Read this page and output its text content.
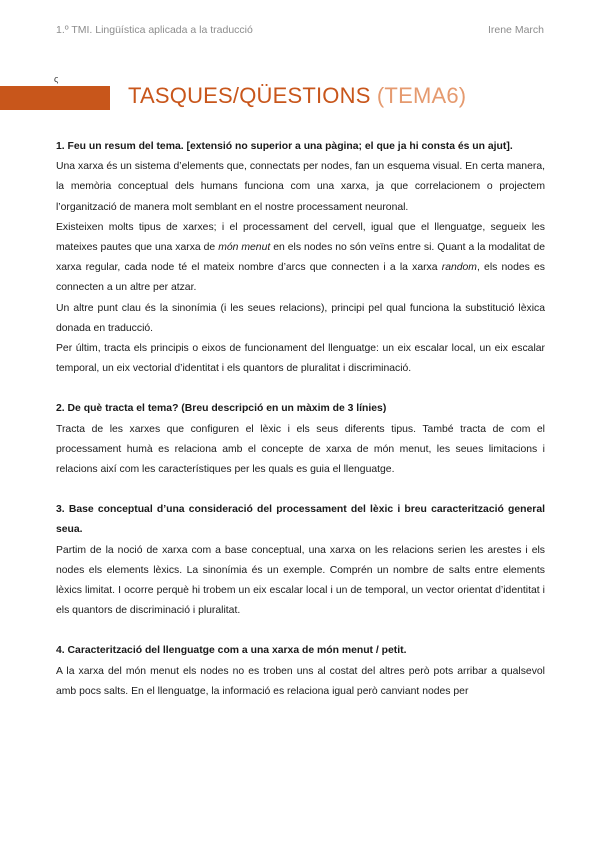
1.º TMI. Lingüística aplicada a la traducció	Irene March
ς
TASQUES/QÜESTIONS (TEMA6)
1. Feu un resum del tema. [extensió no superior a una pàgina; el que ja hi consta és un ajut].

Una xarxa és un sistema d’elements que, connectats per nodes, fan un esquema visual. En certa manera, la memòria conceptual dels humans funciona com una xarxa, ja que correlacionem o projectem l’organització de manera molt semblant en el nostre processament neuronal.

Existeixen molts tipus de xarxes; i el processament del cervell, igual que el llenguatge, segueix les mateixes pautes que una xarxa de món menut en els nodes no són veïns entre si. Quant a la modalitat de xarxa regular, cada node té el mateix nombre d’arcs que connecten i a la xarxa random, els nodes es connecten a un altre per atzar.

Un altre punt clau és la sinonímia (i les seues relacions), principi pel qual funciona la substitució lèxica donada en traducció.

Per últim, tracta els principis o eixos de funcionament del llenguatge: un eix escalar local, un eix escalar temporal, un eix vectorial d’identitat i els quantors de pluralitat i discriminació.

2. De què tracta el tema? (Breu descripció en un màxim de 3 línies)

Tracta de les xarxes que configuren el lèxic i els seus diferents tipus. També tracta de com el processament humà es relaciona amb el concepte de xarxa de món menut, les seues limitacions i relacions així com les característiques per les quals es guia el llenguatge.

3. Base conceptual d’una consideració del processament del lèxic i breu caracterització general seua.

Partim de la noció de xarxa com a base conceptual, una xarxa on les relacions serien les arestes i els nodes els elements lèxics. La sinonímia és un exemple. Comprén un nombre de salts entre elements lèxics limitat. I ocorre perquè hi trobem un eix escalar local i un de temporal, un vector orientat d’identitat i els quantors de discriminació i pluralitat.

4. Caracterització del llenguatge com a una xarxa de món menut / petit.

A la xarxa del món menut els nodes no es troben uns al costat del altres però pots arribar a qualsevol amb pocs salts. En el llenguatge, la informació es relaciona igual però canviant nodes per
